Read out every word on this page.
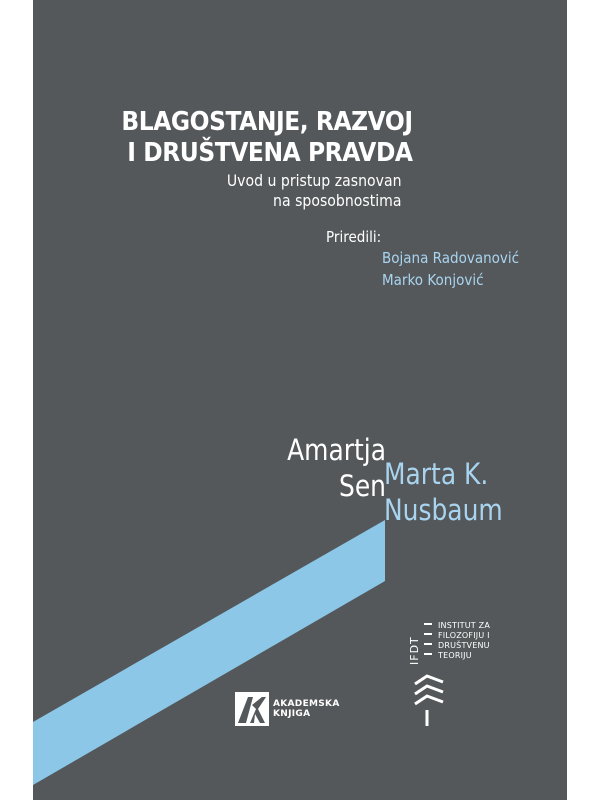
BLAGOSTANJE, RAZVOJ
I DRUŠTVENA PRAVDA

Uvod u pristup zasnovan
na sposobnostima

Priredili:
Bojana Radovanović
Marko Konjović
Amartja
Sen
Marta K.
Nusbaum
AKADEMSKA
KNJIGA
IFDT
INSTITUT ZA
FILOZOFIJU I
DRUŠTVENU
TEORIJU
